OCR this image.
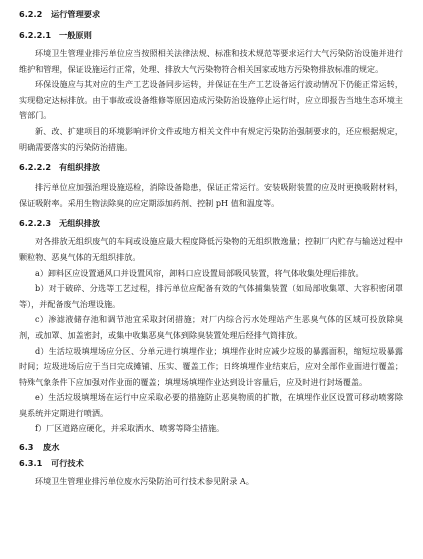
6.2.2 运行管理要求
6.2.2.1 一般原则

环境卫生管理业排污单位应当按照相关法律法规、标准和技术规范等要求运行大气污染防治设施并进行维护和管理，保证设施运行正常，处理、排放大气污染物符合相关国家或地方污染物排放标准的规定。

环保设施应与其对应的生产工艺设备同步运转，并保证在生产工艺设备运行波动情况下仍能正常运转，实现稳定达标排放。由于事故或设备维修等原因造成污染防治设施停止运行时，应立即报告当地生态环境主管部门。

新、改、扩建项目的环境影响评价文件或地方相关文件中有规定污染防治强制要求的，还应根据规定，明确需要落实的污染防治措施。

6.2.2.2 有组织排放

排污单位应加强治理设施巡检，消除设备隐患，保证正常运行。安装吸附装置的应及时更换吸附材料，保证吸附率。采用生物法除臭的应定期添加药剂、控制 pH 值和温度等。

6.2.2.3 无组织排放

对各排放无组织废气的车间或设施应最大程度降低污染物的无组织散逸量；控制厂内贮存与输送过程中颗粒物、恶臭气体的无组织排放。

a）卸料区应设置通风口并设置风帘，卸料口应设置局部吸风装置，将气体收集处理后排放。

b）对于破碎、分选等工艺过程，排污单位应配备有效的气体捕集装置（如局部收集罩、大容积密闭罩等），并配备废气治理设施。

c）渗滤液储存池和调节池宜采取封闭措施；对厂内综合污水处理站产生恶臭气体的区域可投放除臭剂，或加罩、加盖密封，或集中收集恶臭气体到除臭装置处理后经排气筒排放。

d）生活垃圾填埋场应分区、分单元进行填埋作业；填埋作业时应减少垃圾的暴露面积，缩短垃圾暴露时间；垃圾进场后应于当日完成摊铺、压实、覆盖工作；日终填埋作业结束后，应对全部作业面进行覆盖；特殊气象条件下应加强对作业面的覆盖；填埋场填埋作业达到设计容量后，应及时进行封场覆盖。

e）生活垃圾填埋场在运行中应采取必要的措施防止恶臭物质的扩散，在填埋作业区设置可移动喷雾除臭系统并定期进行喷洒。

f）厂区道路应硬化，并采取洒水、喷雾等降尘措施。

6.3 废水
6.3.1 可行技术

环境卫生管理业排污单位废水污染防治可行技术参见附录 A。
